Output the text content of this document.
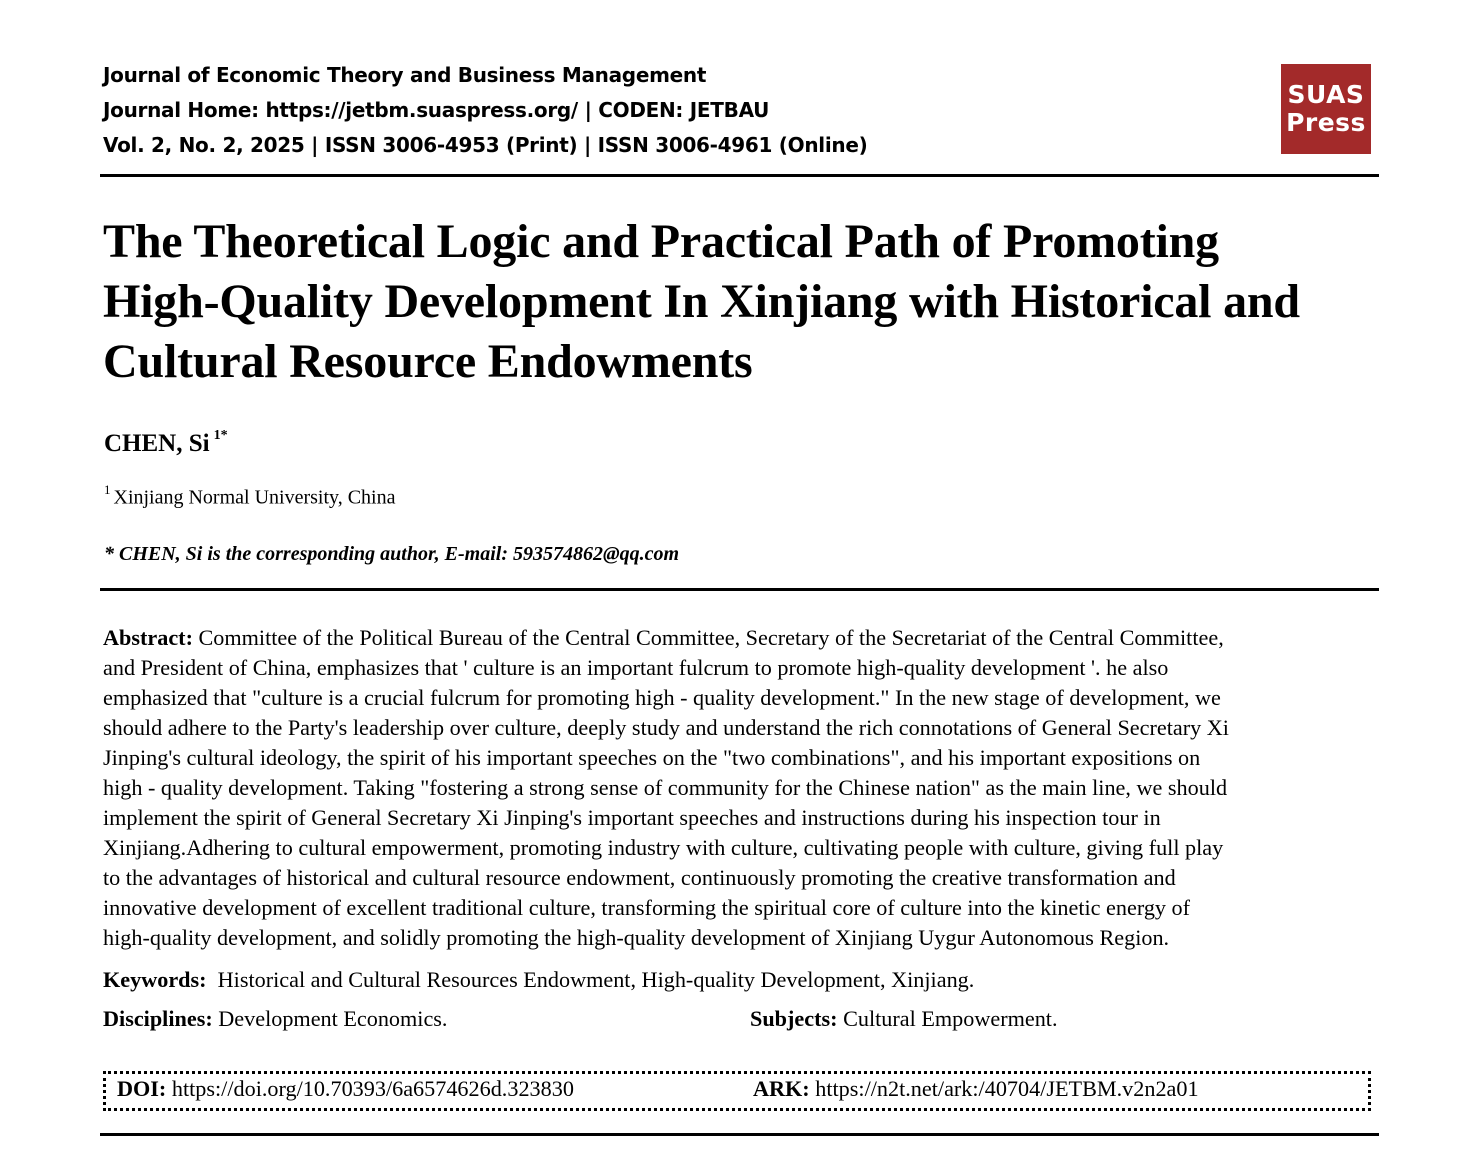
Journal of Economic Theory and Business Management
Journal Home: https://jetbm.suaspress.org/ | CODEN: JETBAU
Vol. 2, No. 2, 2025 | ISSN 3006-4953 (Print) | ISSN 3006-4961 (Online)
SUAS
Press
The Theoretical Logic and Practical Path of Promoting
High-Quality Development In Xinjiang with Historical and
Cultural Resource Endowments
CHEN, Si $^{1*}$
$^1$ Xinjiang Normal University, China
* CHEN, Si is the corresponding author, E-mail: 593574862@qq.com
Abstract: Committee of the Political Bureau of the Central Committee, Secretary of the Secretariat of the Central Committee,
and President of China, emphasizes that ' culture is an important fulcrum to promote high-quality development '. he also
emphasized that "culture is a crucial fulcrum for promoting high - quality development." In the new stage of development, we
should adhere to the Party's leadership over culture, deeply study and understand the rich connotations of General Secretary Xi
Jinping's cultural ideology, the spirit of his important speeches on the "two combinations", and his important expositions on
high - quality development. Taking "fostering a strong sense of community for the Chinese nation" as the main line, we should
implement the spirit of General Secretary Xi Jinping's important speeches and instructions during his inspection tour in
Xinjiang.Adhering to cultural empowerment, promoting industry with culture, cultivating people with culture, giving full play
to the advantages of historical and cultural resource endowment, continuously promoting the creative transformation and
innovative development of excellent traditional culture, transforming the spiritual core of culture into the kinetic energy of
high-quality development, and solidly promoting the high-quality development of Xinjiang Uygur Autonomous Region.
Keywords: Historical and Cultural Resources Endowment, High-quality Development, Xinjiang.
Disciplines: Development Economics.	Subjects: Cultural Empowerment.
DOI: https://doi.org/10.70393/6a6574626d.323830	ARK: https://n2t.net/ark:/40704/JETBM.v2n2a01
